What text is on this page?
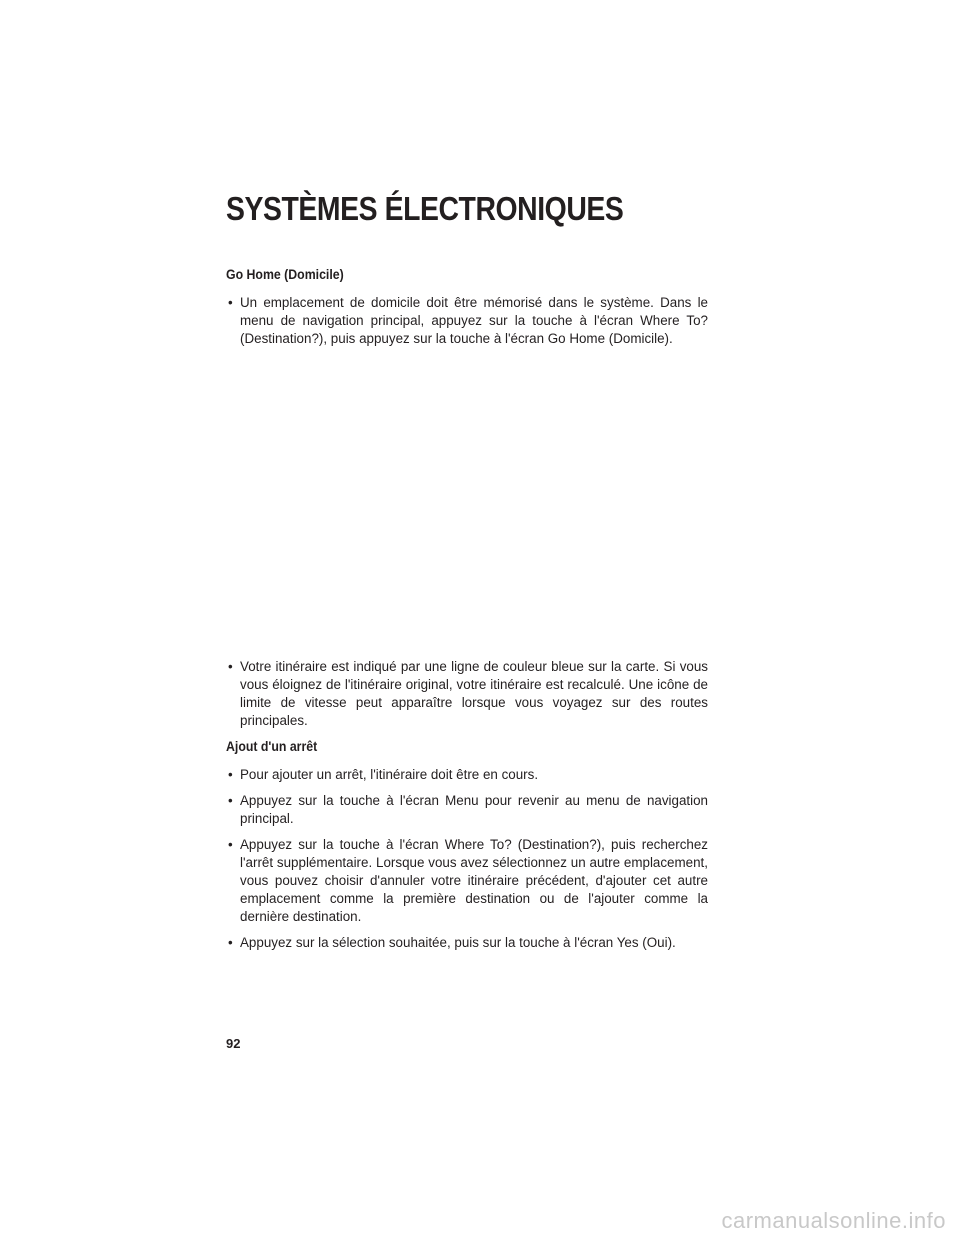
SYSTÈMES ÉLECTRONIQUES
Go Home (Domicile)

• Un emplacement de domicile doit être mémorisé dans le système. Dans le menu de navigation principal, appuyez sur la touche à l'écran Where To? (Destination?), puis appuyez sur la touche à l'écran Go Home (Domicile).

• Votre itinéraire est indiqué par une ligne de couleur bleue sur la carte. Si vous vous éloignez de l'itinéraire original, votre itinéraire est recalculé. Une icône de limite de vitesse peut apparaître lorsque vous voyagez sur des routes principales.

Ajout d'un arrêt

• Pour ajouter un arrêt, l'itinéraire doit être en cours.

• Appuyez sur la touche à l'écran Menu pour revenir au menu de navigation principal.

• Appuyez sur la touche à l'écran Where To? (Destination?), puis recherchez l'arrêt supplémentaire. Lorsque vous avez sélectionnez un autre emplacement, vous pouvez choisir d'annuler votre itinéraire précédent, d'ajouter cet autre emplacement comme la première destination ou de l'ajouter comme la dernière destination.

• Appuyez sur la sélection souhaitée, puis sur la touche à l'écran Yes (Oui).

92

carmanualsonline.info
